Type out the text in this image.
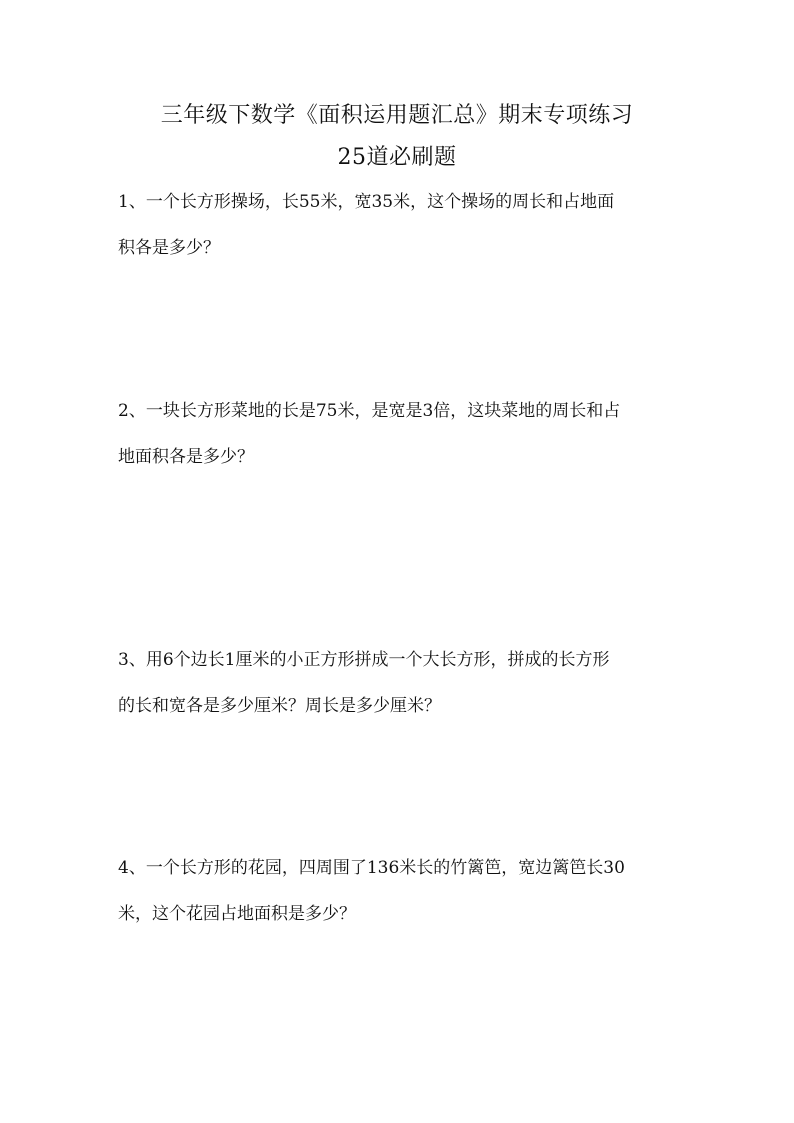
三年级下数学《面积运用题汇总》期末专项练习
25道必刷题
1、一个长方形操场，长55米，宽35米，这个操场的周长和占地面
积各是多少？
2、一块长方形菜地的长是75米，是宽是3倍，这块菜地的周长和占
地面积各是多少？
3、用6个边长1厘米的小正方形拼成一个大长方形，拼成的长方形
的长和宽各是多少厘米？周长是多少厘米？
4、一个长方形的花园，四周围了136米长的竹篱笆，宽边篱笆长30
米，这个花园占地面积是多少？
